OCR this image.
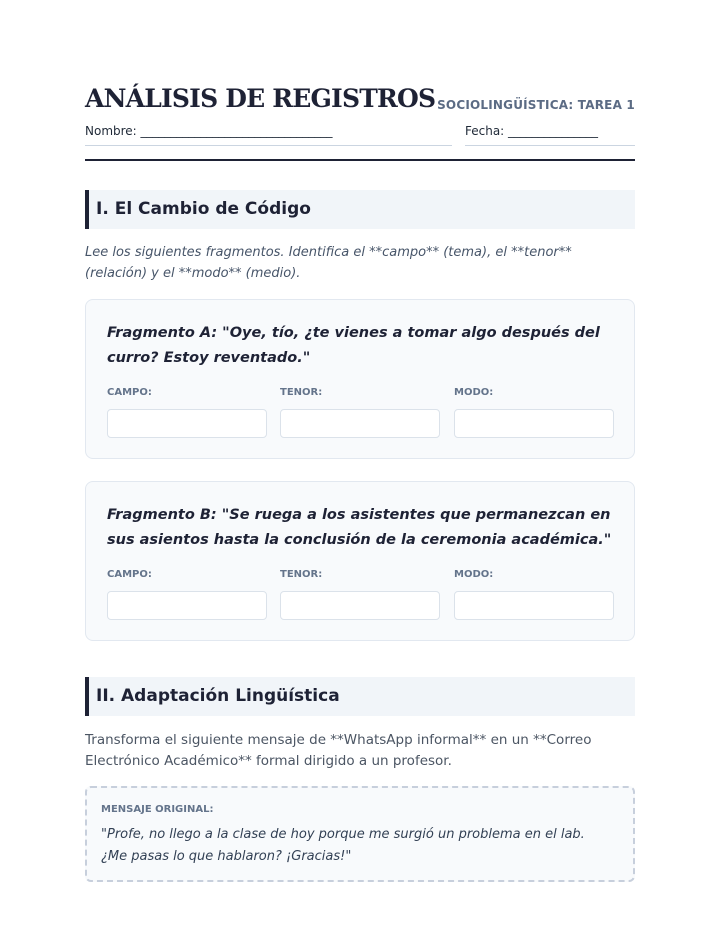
ANÁLISIS DE REGISTROS SOCIOLINGÜÍSTICA: TAREA 1
Nombre: ________________________________	Fecha: _______________
I. El Cambio de Código
Lee los siguientes fragmentos. Identifica el **campo** (tema), el **tenor** (relación) y el **modo** (medio).
Fragmento A: "Oye, tío, ¿te vienes a tomar algo después del curro? Estoy reventado."
CAMPO:	TENOR:	MODO:
Fragmento B: "Se ruega a los asistentes que permanezcan en sus asientos hasta la conclusión de la ceremonia académica."
CAMPO:	TENOR:	MODO:
II. Adaptación Lingüística
Transforma el siguiente mensaje de **WhatsApp informal** en un **Correo Electrónico Académico** formal dirigido a un profesor.
MENSAJE ORIGINAL:
"Profe, no llego a la clase de hoy porque me surgió un problema en el lab. ¿Me pasas lo que hablaron? ¡Gracias!"
